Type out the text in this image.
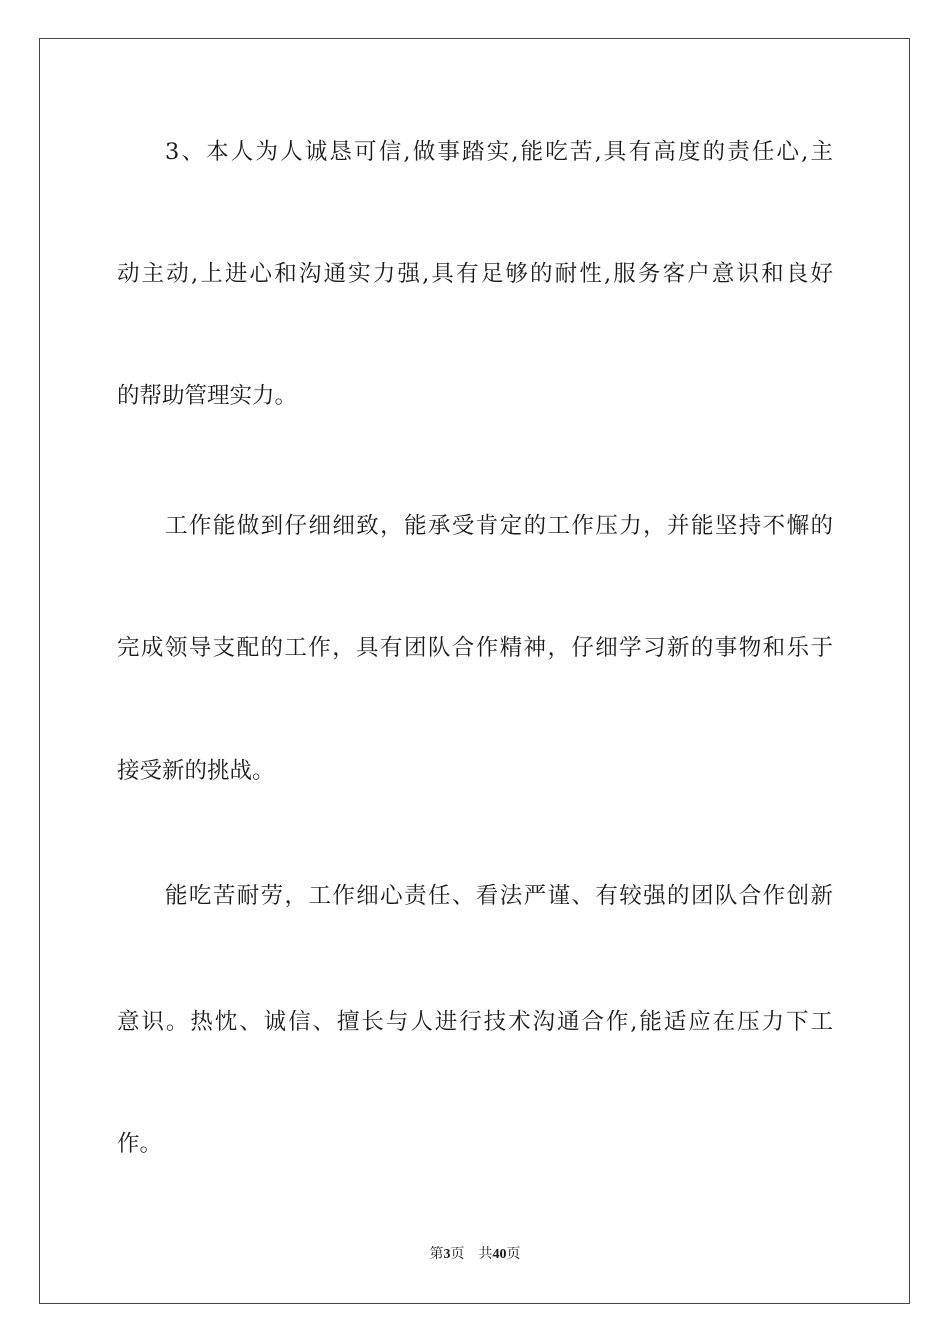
3、本人为人诚恳可信,做事踏实,能吃苦,具有高度的责任心,主
动主动,上进心和沟通实力强,具有足够的耐性,服务客户意识和良好
的帮助管理实力。
工作能做到仔细细致，能承受肯定的工作压力，并能坚持不懈的
完成领导支配的工作，具有团队合作精神，仔细学习新的事物和乐于
接受新的挑战。
能吃苦耐劳，工作细心责任、看法严谨、有较强的团队合作创新
意识。热忱、诚信、擅长与人进行技术沟通合作,能适应在压力下工
作。
第3页 共40页
